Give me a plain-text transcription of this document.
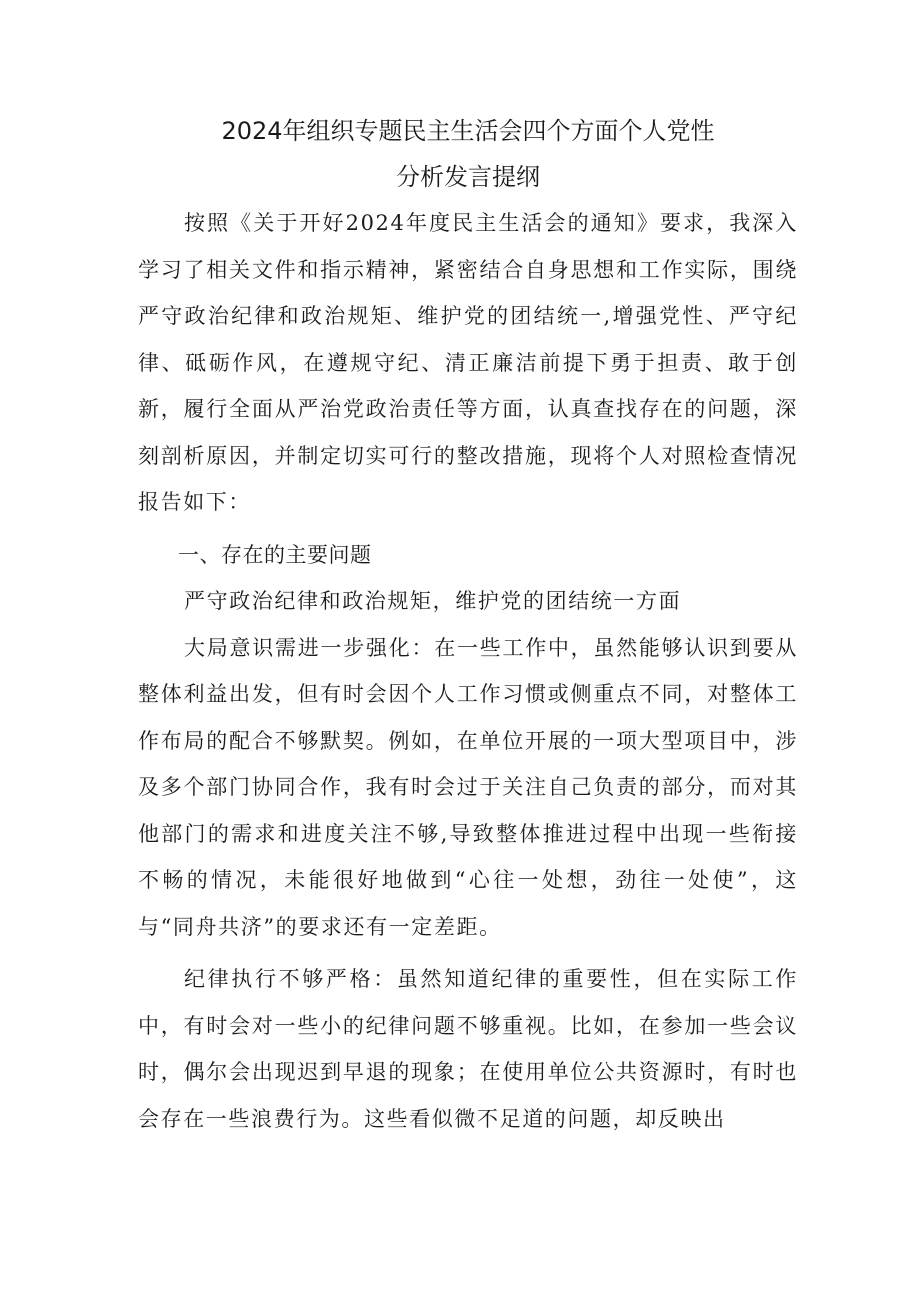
2024年组织专题民主生活会四个方面个人党性
分析发言提纲

按照《关于开好2024年度民主生活会的通知》要求，我深入学习了相关文件和指示精神，紧密结合自身思想和工作实际，围绕严守政治纪律和政治规矩、维护党的团结统一,增强党性、严守纪律、砥砺作风，在遵规守纪、清正廉洁前提下勇于担责、敢于创新，履行全面从严治党政治责任等方面，认真查找存在的问题，深刻剖析原因，并制定切实可行的整改措施，现将个人对照检查情况报告如下：

一、存在的主要问题

严守政治纪律和政治规矩，维护党的团结统一方面

大局意识需进一步强化：在一些工作中，虽然能够认识到要从整体利益出发，但有时会因个人工作习惯或侧重点不同，对整体工作布局的配合不够默契。例如，在单位开展的一项大型项目中，涉及多个部门协同合作，我有时会过于关注自己负责的部分，而对其他部门的需求和进度关注不够,导致整体推进过程中出现一些衔接不畅的情况，未能很好地做到“心往一处想，劲往一处使”，这与“同舟共济”的要求还有一定差距。

纪律执行不够严格：虽然知道纪律的重要性，但在实际工作中，有时会对一些小的纪律问题不够重视。比如，在参加一些会议时，偶尔会出现迟到早退的现象；在使用单位公共资源时，有时也会存在一些浪费行为。这些看似微不足道的问题，却反映出
